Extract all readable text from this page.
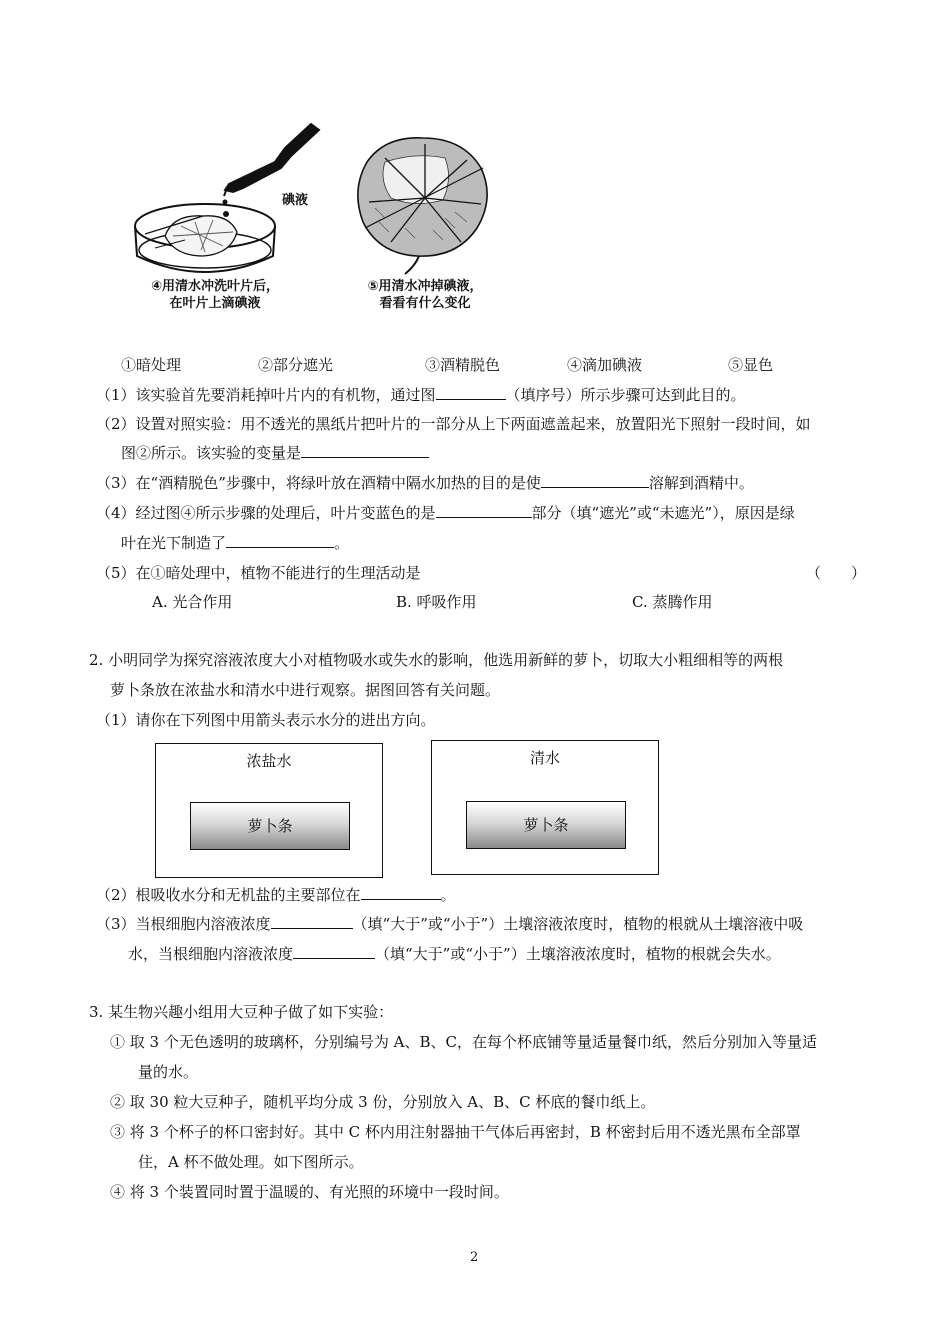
碘液
④用清水冲洗叶片后，
在叶片上滴碘液
⑤用清水冲掉碘液，
看看有什么变化
①暗处理	②部分遮光	③酒精脱色	④滴加碘液	⑤显色
（1）该实验首先要消耗掉叶片内的有机物，通过图	（填序号）所示步骤可达到此目的。
（2）设置对照实验：用不透光的黑纸片把叶片的一部分从上下两面遮盖起来，放置阳光下照射一段时间，如
图②所示。该实验的变量是
（3）在“酒精脱色”步骤中，将绿叶放在酒精中隔水加热的目的是使	溶解到酒精中。
（4）经过图④所示步骤的处理后，叶片变蓝色的是	部分（填“遮光”或“未遮光”），原因是绿
叶在光下制造了	。
（5）在①暗处理中，植物不能进行的生理活动是	（　　）
A. 光合作用	B. 呼吸作用	C. 蒸腾作用
2. 小明同学为探究溶液浓度大小对植物吸水或失水的影响，他选用新鲜的萝卜，切取大小粗细相等的两根
萝卜条放在浓盐水和清水中进行观察。据图回答有关问题。
（1）请你在下列图中用箭头表示水分的进出方向。
浓盐水
萝卜条
清水
萝卜条
（2）根吸收水分和无机盐的主要部位在	。
（3）当根细胞内溶液浓度	（填“大于”或“小于”）土壤溶液浓度时，植物的根就从土壤溶液中吸
水，当根细胞内溶液浓度	（填“大于”或“小于”）土壤溶液浓度时，植物的根就会失水。
3. 某生物兴趣小组用大豆种子做了如下实验：
① 取 3 个无色透明的玻璃杯，分别编号为 A、B、C，在每个杯底铺等量适量餐巾纸，然后分别加入等量适
量的水。
② 取 30 粒大豆种子，随机平均分成 3 份，分别放入 A、B、C 杯底的餐巾纸上。
③ 将 3 个杯子的杯口密封好。其中 C 杯内用注射器抽干气体后再密封，B 杯密封后用不透光黑布全部罩
住，A 杯不做处理。如下图所示。
④ 将 3 个装置同时置于温暖的、有光照的环境中一段时间。
2
